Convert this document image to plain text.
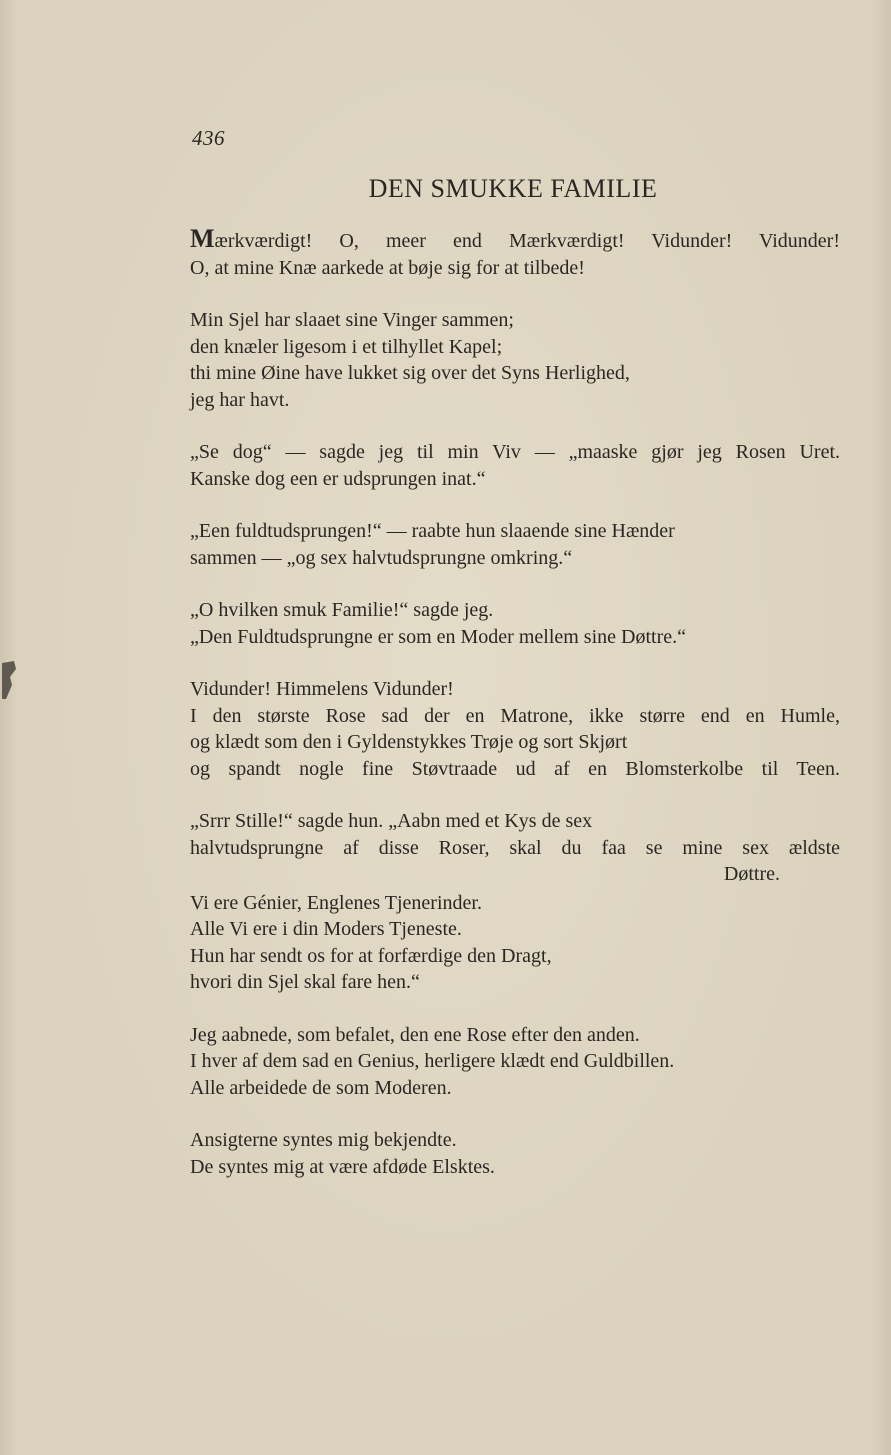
436

DEN SMUKKE FAMILIE
Mærkværdigt! O, meer end Mærkværdigt! Vidunder! Vidunder!
O, at mine Knæ aarkede at bøje sig for at tilbede!
Min Sjel har slaaet sine Vinger sammen;
den knæler ligesom i et tilhyllet Kapel;
thi mine Øine have lukket sig over det Syns Herlighed,
jeg har havt.
„Se dog“ — sagde jeg til min Viv — „maaske gjør jeg Rosen Uret.
Kanske dog een er udsprungen inat.“
„Een fuldtudsprungen!“ — raabte hun slaaende sine Hænder
sammen — „og sex halvtudsprungne omkring.“
„O hvilken smuk Familie!“ sagde jeg.
„Den Fuldtudsprungne er som en Moder mellem sine Døttre.“
Vidunder! Himmelens Vidunder!
I den største Rose sad der en Matrone, ikke større end en Humle,
og klædt som den i Gyldenstykkes Trøje og sort Skjørt
og spandt nogle fine Støvtraade ud af en Blomsterkolbe til Teen.
„Srrr Stille!“ sagde hun. „Aabn med et Kys de sex
halvtudsprungne af disse Roser, skal du faa se mine sex ældste
Døttre.
Vi ere Génier, Englenes Tjenerinder.
Alle Vi ere i din Moders Tjeneste.
Hun har sendt os for at forfærdige den Dragt,
hvori din Sjel skal fare hen.“
Jeg aabnede, som befalet, den ene Rose efter den anden.
I hver af dem sad en Genius, herligere klædt end Guldbillen.
Alle arbeidede de som Moderen.
Ansigterne syntes mig bekjendte.
De syntes mig at være afdøde Elsktes.
